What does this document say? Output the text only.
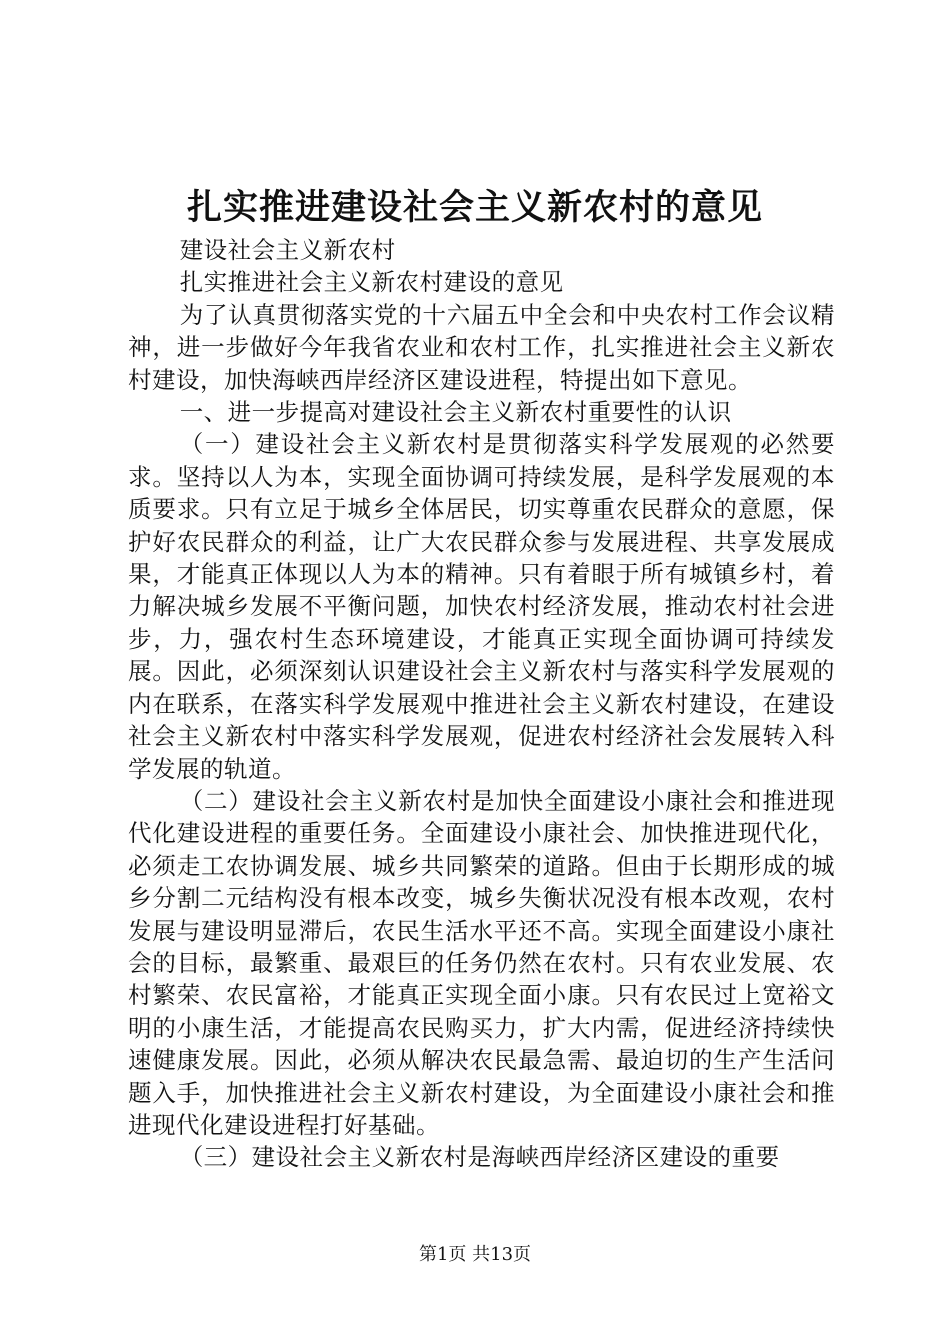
扎实推进建设社会主义新农村的意见

建设社会主义新农村

扎实推进社会主义新农村建设的意见

为了认真贯彻落实党的十六届五中全会和中央农村工作会议精神，进一步做好今年我省农业和农村工作，扎实推进社会主义新农村建设，加快海峡西岸经济区建设进程，特提出如下意见。

一、进一步提高对建设社会主义新农村重要性的认识

（一）建设社会主义新农村是贯彻落实科学发展观的必然要求。坚持以人为本，实现全面协调可持续发展，是科学发展观的本质要求。只有立足于城乡全体居民，切实尊重农民群众的意愿，保护好农民群众的利益，让广大农民群众参与发展进程、共享发展成果，才能真正体现以人为本的精神。只有着眼于所有城镇乡村，着力解决城乡发展不平衡问题，加快农村经济发展，推动农村社会进步，力，强农村生态环境建设，才能真正实现全面协调可持续发展。因此，必须深刻认识建设社会主义新农村与落实科学发展观的内在联系，在落实科学发展观中推进社会主义新农村建设，在建设社会主义新农村中落实科学发展观，促进农村经济社会发展转入科学发展的轨道。

（二）建设社会主义新农村是加快全面建设小康社会和推进现代化建设进程的重要任务。全面建设小康社会、加快推进现代化，必须走工农协调发展、城乡共同繁荣的道路。但由于长期形成的城乡分割二元结构没有根本改变，城乡失衡状况没有根本改观，农村发展与建设明显滞后，农民生活水平还不高。实现全面建设小康社会的目标，最繁重、最艰巨的任务仍然在农村。只有农业发展、农村繁荣、农民富裕，才能真正实现全面小康。只有农民过上宽裕文明的小康生活，才能提高农民购买力，扩大内需，促进经济持续快速健康发展。因此，必须从解决农民最急需、最迫切的生产生活问题入手，加快推进社会主义新农村建设，为全面建设小康社会和推进现代化建设进程打好基础。

（三）建设社会主义新农村是海峡西岸经济区建设的重要

第1页 共13页
